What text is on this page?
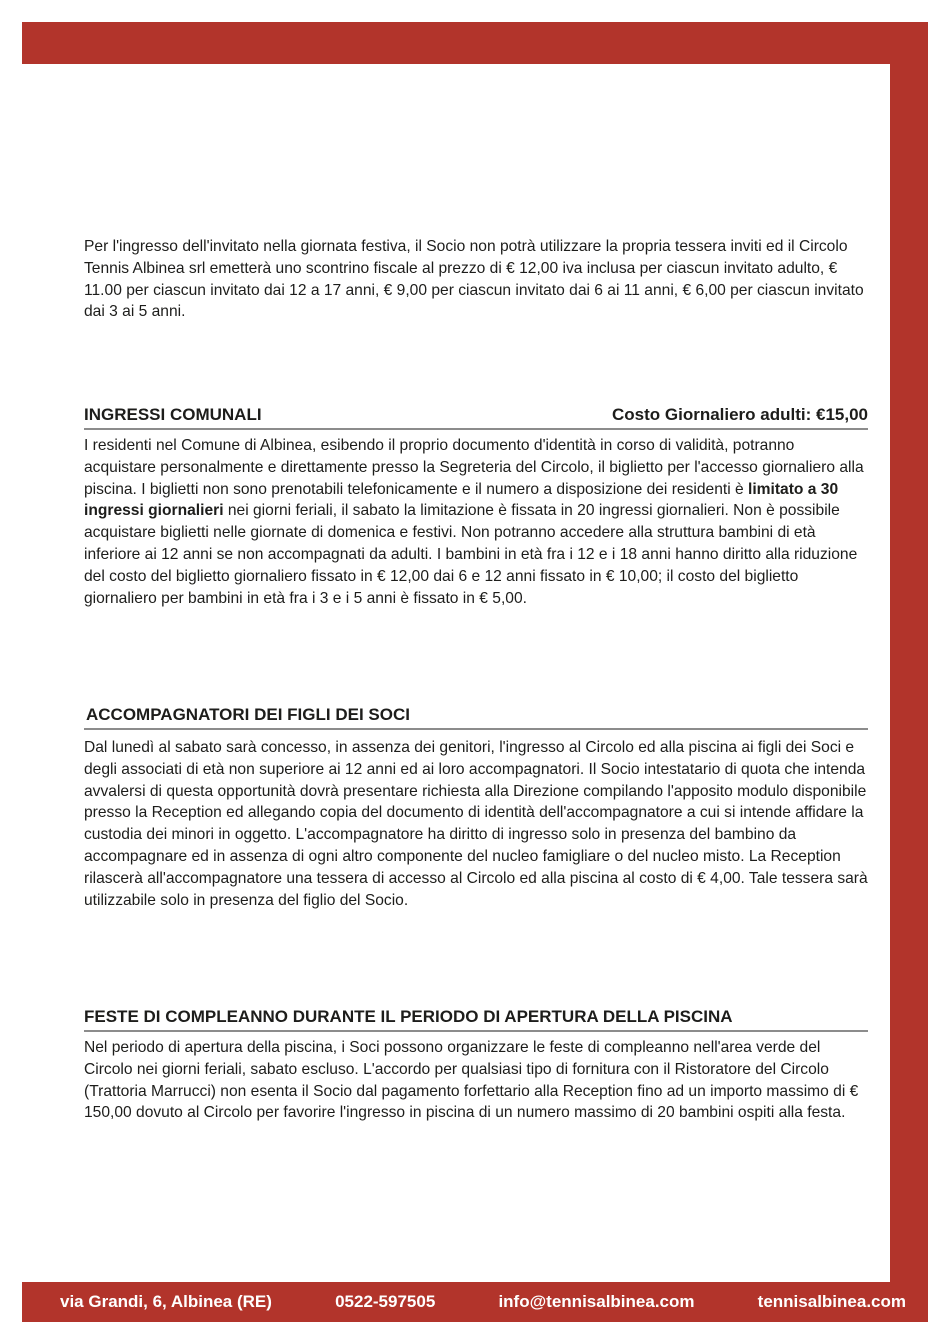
Per l'ingresso dell'invitato nella giornata festiva, il Socio non potrà utilizzare la propria tessera inviti ed il Circolo Tennis Albinea srl emetterà uno scontrino fiscale al prezzo di € 12,00 iva inclusa per ciascun invitato adulto, € 11.00 per ciascun invitato dai 12 a 17 anni, € 9,00 per ciascun invitato dai 6 ai 11 anni, € 6,00 per ciascun invitato dai 3 ai 5 anni.

INGRESSI COMUNALI	Costo Giornaliero adulti: €15,00

I residenti nel Comune di Albinea, esibendo il proprio documento d'identità in corso di validità, potranno acquistare personalmente e direttamente presso la Segreteria del Circolo, il biglietto per l'accesso giornaliero alla piscina. I biglietti non sono prenotabili telefonicamente e il numero a disposizione dei residenti è limitato a 30 ingressi giornalieri nei giorni feriali, il sabato la limitazione è fissata in 20 ingressi giornalieri. Non è possibile acquistare biglietti nelle giornate di domenica e festivi. Non potranno accedere alla struttura bambini di età inferiore ai 12 anni se non accompagnati da adulti. I bambini in età fra i 12 e i 18 anni hanno diritto alla riduzione del costo del biglietto giornaliero fissato in € 12,00 dai 6 e 12 anni fissato in € 10,00; il costo del biglietto giornaliero per bambini in età fra i 3 e i 5 anni è fissato in € 5,00.

ACCOMPAGNATORI DEI FIGLI DEI SOCI

Dal lunedì al sabato sarà concesso, in assenza dei genitori, l'ingresso al Circolo ed alla piscina ai figli dei Soci e degli associati di età non superiore ai 12 anni ed ai loro accompagnatori. Il Socio intestatario di quota che intenda avvalersi di questa opportunità dovrà presentare richiesta alla Direzione compilando l'apposito modulo disponibile presso la Reception ed allegando copia del documento di identità dell'accompagnatore a cui si intende affidare la custodia dei minori in oggetto. L'accompagnatore ha diritto di ingresso solo in presenza del bambino da accompagnare ed in assenza di ogni altro componente del nucleo famigliare o del nucleo misto. La Reception rilascerà all'accompagnatore una tessera di accesso al Circolo ed alla piscina al costo di € 4,00. Tale tessera sarà utilizzabile solo in presenza del figlio del Socio.

FESTE DI COMPLEANNO DURANTE IL PERIODO DI APERTURA DELLA PISCINA

Nel periodo di apertura della piscina, i Soci possono organizzare le feste di compleanno nell'area verde del Circolo nei giorni feriali, sabato escluso. L'accordo per qualsiasi tipo di fornitura con il Ristoratore del Circolo (Trattoria Marrucci) non esenta il Socio dal pagamento forfettario alla Reception fino ad un importo massimo di € 150,00 dovuto al Circolo per favorire l'ingresso in piscina di un numero massimo di 20 bambini ospiti alla festa.

via Grandi, 6, Albinea (RE)	0522-597505	info@tennisalbinea.com	tennisalbinea.com
